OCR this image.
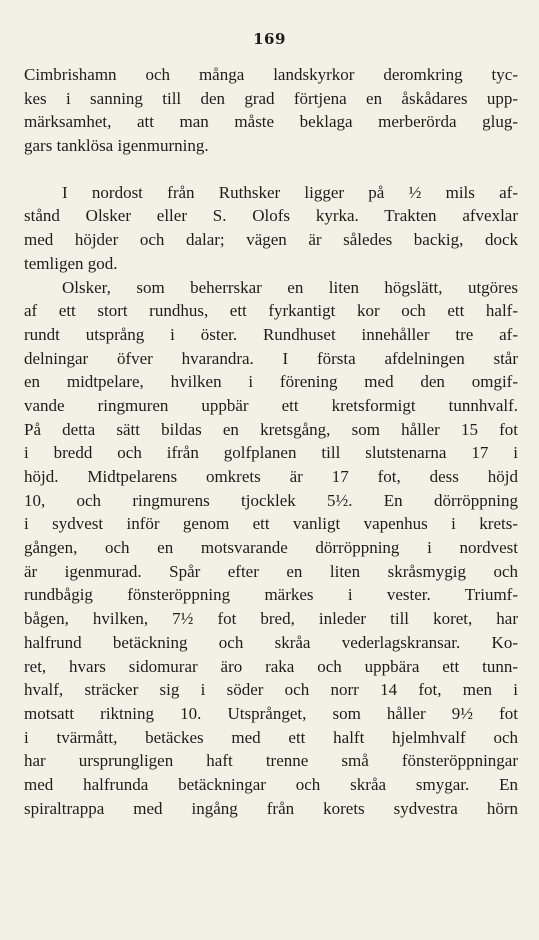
169
Cimbrishamn och många landskyrkor deromkring tyc-
kes i sanning till den grad förtjena en åskådares upp-
märksamhet, att man måste beklaga merberörda glug-
gars tanklösa igenmurning.
I nordost från Ruthsker ligger på ½ mils af-
stånd Olsker eller S. Olofs kyrka. Trakten afvexlar
med höjder och dalar; vägen är således backig, dock
temligen god.
Olsker, som beherrskar en liten högslätt, utgöres
af ett stort rundhus, ett fyrkantigt kor och ett half-
rundt utsprång i öster. Rundhuset innehåller tre af-
delningar öfver hvarandra. I första afdelningen står
en midtpelare, hvilken i förening med den omgif-
vande ringmuren uppbär ett kretsformigt tunnhvalf.
På detta sätt bildas en kretsgång, som håller 15 fot
i bredd och ifrån golfplanen till slutstenarna 17 i
höjd. Midtpelarens omkrets är 17 fot, dess höjd
10, och ringmurens tjocklek 5½. En dörröppning
i sydvest inför genom ett vanligt vapenhus i krets-
gången, och en motsvarande dörröppning i nordvest
är igenmurad. Spår efter en liten skråsmygig och
rundbågig fönsteröppning märkes i vester. Triumf-
bågen, hvilken, 7½ fot bred, inleder till koret, har
halfrund betäckning och skråa vederlagskransar. Ko-
ret, hvars sidomurar äro raka och uppbära ett tunn-
hvalf, sträcker sig i söder och norr 14 fot, men i
motsatt riktning 10. Utsprånget, som håller 9½ fot
i tvärmått, betäckes med ett halft hjelmhvalf och
har ursprungligen haft trenne små fönsteröppningar
med halfrunda betäckningar och skråa smygar. En
spiraltrappa med ingång från korets sydvestra hörn
